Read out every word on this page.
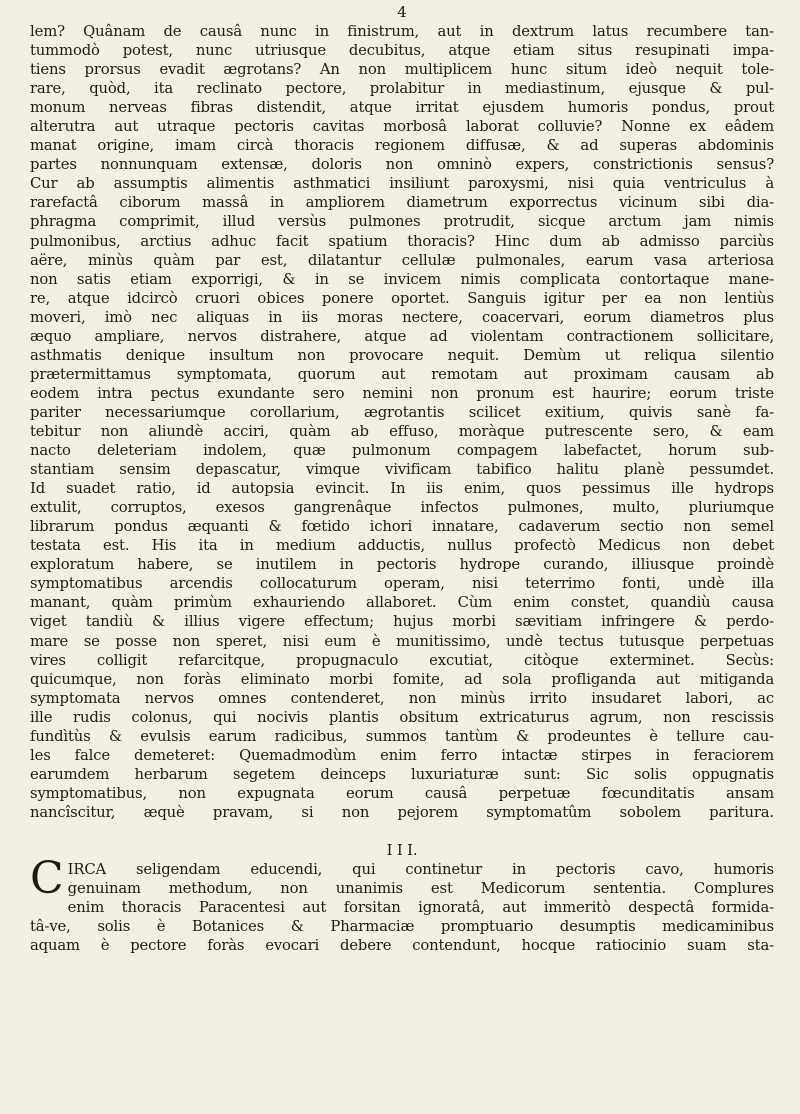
4
lem? Quânam de causâ nunc in finistrum, aut in dextrum latus recumbere tan-
tummodò potest, nunc utriusque decubitus, atque etiam situs resupinati impa-
tiens prorsus evadit ægrotans? An non multiplicem hunc situm ideò nequit tole-
rare, quòd, ita reclinato pectore, prolabitur in mediastinum, ejusque & pul-
monum nerveas fibras distendit, atque irritat ejusdem humoris pondus, prout
alterutra aut utraque pectoris cavitas morbosâ laborat colluvie? Nonne ex eâdem
manat origine, imam circà thoracis regionem diffusæ, & ad superas abdominis
partes nonnunquam extensæ, doloris non omninò expers, constrictionis sensus?
Cur ab assumptis alimentis asthmatici insiliunt paroxysmi, nisi quia ventriculus à
rarefactâ ciborum massâ in ampliorem diametrum exporrectus vicinum sibi dia-
phragma comprimit, illud versùs pulmones protrudit, sicque arctum jam nimis
pulmonibus, arctius adhuc facit spatium thoracis? Hinc dum ab admisso parciùs
aëre, minùs quàm par est, dilatantur cellulæ pulmonales, earum vasa arteriosa
non satis etiam exporrigi, & in se invicem nimis complicata contortaque mane-
re, atque idcircò cruori obices ponere oportet. Sanguis igitur per ea non lentiùs
moveri, imò nec aliquas in iis moras nectere, coacervari, eorum diametros plus
æquo ampliare, nervos distrahere, atque ad violentam contractionem sollicitare,
asthmatis denique insultum non provocare nequit. Demùm ut reliqua silentio
prætermittamus symptomata, quorum aut remotam aut proximam causam ab
eodem intra pectus exundante sero nemini non pronum est haurire; eorum triste
pariter necessariumque corollarium, ægrotantis scilicet exitium, quivis sanè fa-
tebitur non aliundè acciri, quàm ab effuso, moràque putrescente sero, & eam
nacto deleteriam indolem, quæ pulmonum compagem labefactet, horum sub-
stantiam sensim depascatur, vimque vivificam tabifico halitu planè pessumdet.
Id suadet ratio, id autopsia evincit. In iis enim, quos pessimus ille hydrops
extulit, corruptos, exesos gangrenâque infectos pulmones, multo, pluriumque
librarum pondus æquanti & fœtido ichori innatare, cadaverum sectio non semel
testata est. His ita in medium adductis, nullus profectò Medicus non debet
exploratum habere, se inutilem in pectoris hydrope curando, illiusque proindè
symptomatibus arcendis collocaturum operam, nisi teterrimo fonti, undè illa
manant, quàm primùm exhauriendo allaboret. Cùm enim constet, quandiù causa
viget tandiù & illius vigere effectum; hujus morbi sævitiam infringere & perdo-
mare se posse non speret, nisi eum è munitissimo, undè tectus tutusque perpetuas
vires colligit refarcitque, propugnaculo excutiat, citòque exterminet. Secùs:
quicumque, non foràs eliminato morbi fomite, ad sola profliganda aut mitiganda
symptomata nervos omnes contenderet, non minùs irrito insudaret labori, ac
ille rudis colonus, qui nocivis plantis obsitum extricaturus agrum, non rescissis
fundìtùs & evulsis earum radicibus, summos tantùm & prodeuntes è tellure cau-
les falce demeteret: Quemadmodùm enim ferro intactæ stirpes in feraciorem
earumdem herbarum segetem deinceps luxuriaturæ sunt: Sic solis oppugnatis
symptomatibus, non expugnata eorum causâ perpetuæ fœcunditatis ansam
nancîscitur, æquè pravam, si non pejorem symptomatûm sobolem paritura.
I I I.
C IRCA seligendam educendi, qui continetur in pectoris cavo, humoris
genuinam methodum, non unanimis est Medicorum sententia. Complures
enim thoracis Paracentesi aut forsitan ignoratâ, aut immeritò despectâ formida-
tâ-ve, solis è Botanices & Pharmaciæ promptuario desumptis medicaminibus
aquam è pectore foràs evocari debere contendunt, hocque ratiocinio suam sta-
